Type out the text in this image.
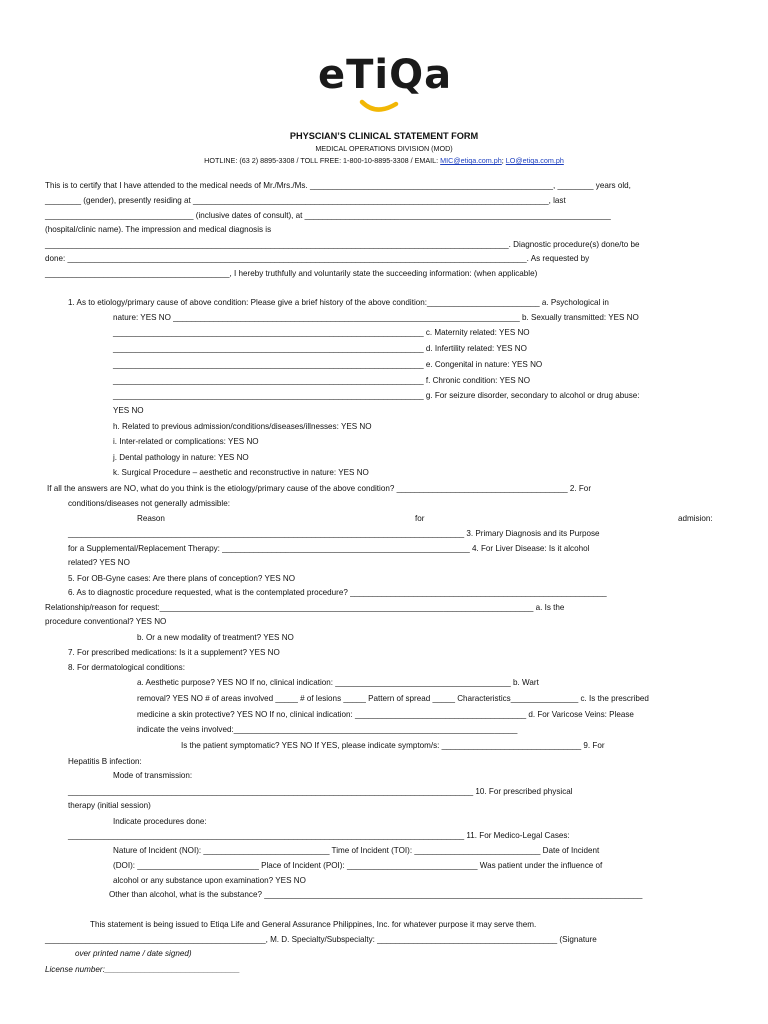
eTiQa
PHYSCIAN’S CLINICAL STATEMENT FORM
MEDICAL OPERATIONS DIVISION (MOD)
HOTLINE: (63 2) 8895-3308 / TOLL FREE: 1-800-10-8895-3308 / EMAIL: MIC@etiqa.com.ph; LO@etiqa.com.ph
This is to certify that I have attended to the medical needs of Mr./Mrs./Ms. ______________________________________________________, ________ years old,
________ (gender), presently residing at _______________________________________________________________________________, last
_________________________________ (inclusive dates of consult), at ____________________________________________________________________
(hospital/clinic name). The impression and medical diagnosis is
_______________________________________________________________________________________________________. Diagnostic procedure(s) done/to be
done: ______________________________________________________________________________________________________. As requested by
_________________________________________, I hereby truthfully and voluntarily state the succeeding information: (when applicable)
1. As to etiology/primary cause of above condition: Please give a brief history of the above condition:_________________________ a. Psychological in
nature: YES NO _____________________________________________________________________________ b. Sexually transmitted: YES NO
_____________________________________________________________________ c. Maternity related: YES NO
_____________________________________________________________________ d. Infertility related: YES NO
_____________________________________________________________________ e. Congenital in nature: YES NO
_____________________________________________________________________ f. Chronic condition: YES NO
_____________________________________________________________________ g. For seizure disorder, secondary to alcohol or drug abuse:
YES NO
h. Related to previous admission/conditions/diseases/illnesses: YES NO
i. Inter-related or complications: YES NO
j. Dental pathology in nature: YES NO
k. Surgical Procedure – aesthetic and reconstructive in nature: YES NO
If all the answers are NO, what do you think is the etiology/primary cause of the above condition? ______________________________________ 2. For
conditions/diseases not generally admissible:
Reason	for	admision:
________________________________________________________________________________________ 3. Primary Diagnosis and its Purpose
for a Supplemental/Replacement Therapy: _______________________________________________________ 4. For Liver Disease: Is it alcohol
related? YES NO
5. For OB-Gyne cases: Are there plans of conception? YES NO
6. As to diagnostic procedure requested, what is the contemplated procedure? _________________________________________________________
Relationship/reason for request:___________________________________________________________________________________ a. Is the
procedure conventional? YES NO
b. Or a new modality of treatment? YES NO
7. For prescribed medications: Is it a supplement? YES NO
8. For dermatological conditions:
a. Aesthetic purpose? YES NO If no, clinical indication: _______________________________________ b. Wart
removal? YES NO # of areas involved _____ # of lesions _____ Pattern of spread _____ Characteristics_______________ c. Is the prescribed
medicine a skin protective? YES NO If no, clinical indication: ______________________________________ d. For Varicose Veins: Please
indicate the veins involved:_______________________________________________________________
Is the patient symptomatic? YES NO If YES, please indicate symptom/s: _______________________________ 9. For
Hepatitis B infection:
Mode of transmission:
__________________________________________________________________________________________ 10. For prescribed physical
therapy (initial session)
Indicate procedures done:
________________________________________________________________________________________ 11. For Medico-Legal Cases:
Nature of Incident (NOI): ____________________________ Time of Incident (TOI): ____________________________ Date of Incident
(DOI): ___________________________ Place of Incident (POI): _____________________________ Was patient under the influence of
alcohol or any substance upon examination? YES NO
Other than alcohol, what is the substance? ____________________________________________________________________________________
This statement is being issued to Etiqa Life and General Assurance Philippines, Inc. for whatever purpose it may serve them.
_________________________________________________, M. D. Specialty/Subspecialty: ________________________________________ (Signature
over printed name / date signed)
License number:______________________________
